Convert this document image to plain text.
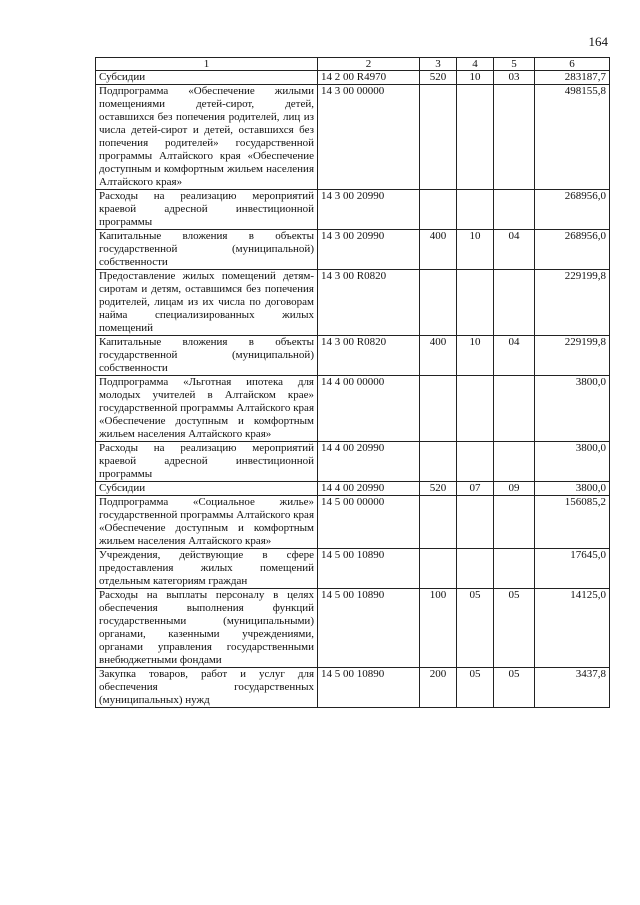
164
1	2	3	4	5	6
Субсидии	14 2 00 R4970	520	10	03	283187,7
Подпрограмма «Обеспечение жилыми помещениями детей-сирот, детей, оставшихся без попечения родителей, лиц из числа детей-сирот и детей, оставшихся без попечения родителей» государственной программы Алтайского края «Обеспечение доступным и комфортным жильем населения Алтайского края»	14 3 00 00000				498155,8
Расходы на реализацию мероприятий краевой адресной инвестиционной программы	14 3 00 20990				268956,0
Капитальные вложения в объекты государственной (муниципальной) собственности	14 3 00 20990	400	10	04	268956,0
Предоставление жилых помещений детям-сиротам и детям, оставшимся без попечения родителей, лицам из их числа по договорам найма специализированных жилых помещений	14 3 00 R0820				229199,8
Капитальные вложения в объекты государственной (муниципальной) собственности	14 3 00 R0820	400	10	04	229199,8
Подпрограмма «Льготная ипотека для молодых учителей в Алтайском крае» государственной программы Алтайского края «Обеспечение доступным и комфортным жильем населения Алтайского края»	14 4 00 00000				3800,0
Расходы на реализацию мероприятий краевой адресной инвестиционной программы	14 4 00 20990				3800,0
Субсидии	14 4 00 20990	520	07	09	3800,0
Подпрограмма «Социальное жилье» государственной программы Алтайского края «Обеспечение доступным и комфортным жильем населения Алтайского края»	14 5 00 00000				156085,2
Учреждения, действующие в сфере предоставления жилых помещений отдельным категориям граждан	14 5 00 10890				17645,0
Расходы на выплаты персоналу в целях обеспечения выполнения функций государственными (муниципальными) органами, казенными учреждениями, органами управления государственными внебюджетными фондами	14 5 00 10890	100	05	05	14125,0
Закупка товаров, работ и услуг для обеспечения государственных (муниципальных) нужд	14 5 00 10890	200	05	05	3437,8
